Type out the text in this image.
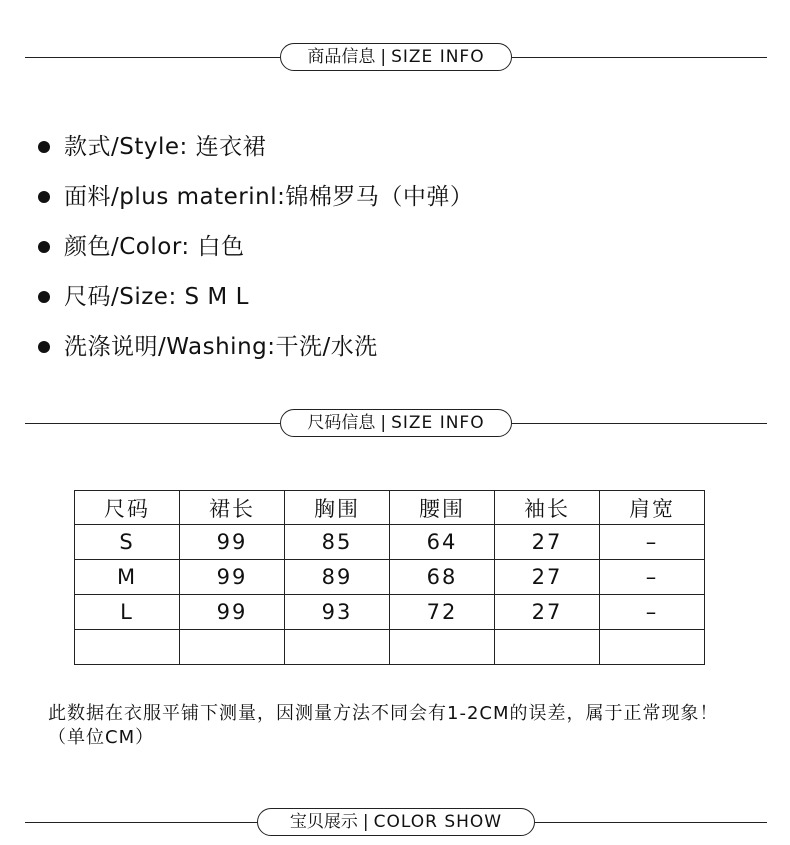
商品信息 | SIZE INFO
款式/Style: 连衣裙
面料/plus materinl:锦棉罗马（中弹）
颜色/Color: 白色
尺码/Size: S M L
洗涤说明/Washing:干洗/水洗
尺码信息 | SIZE INFO
尺码	裙长	胸围	腰围	袖长	肩宽
S	99	85	64	27	–
M	99	89	68	27	–
L	99	93	72	27	–

此数据在衣服平铺下测量，因测量方法不同会有1-2CM的误差，属于正常现象！（单位CM）
宝贝展示 | COLOR SHOW
